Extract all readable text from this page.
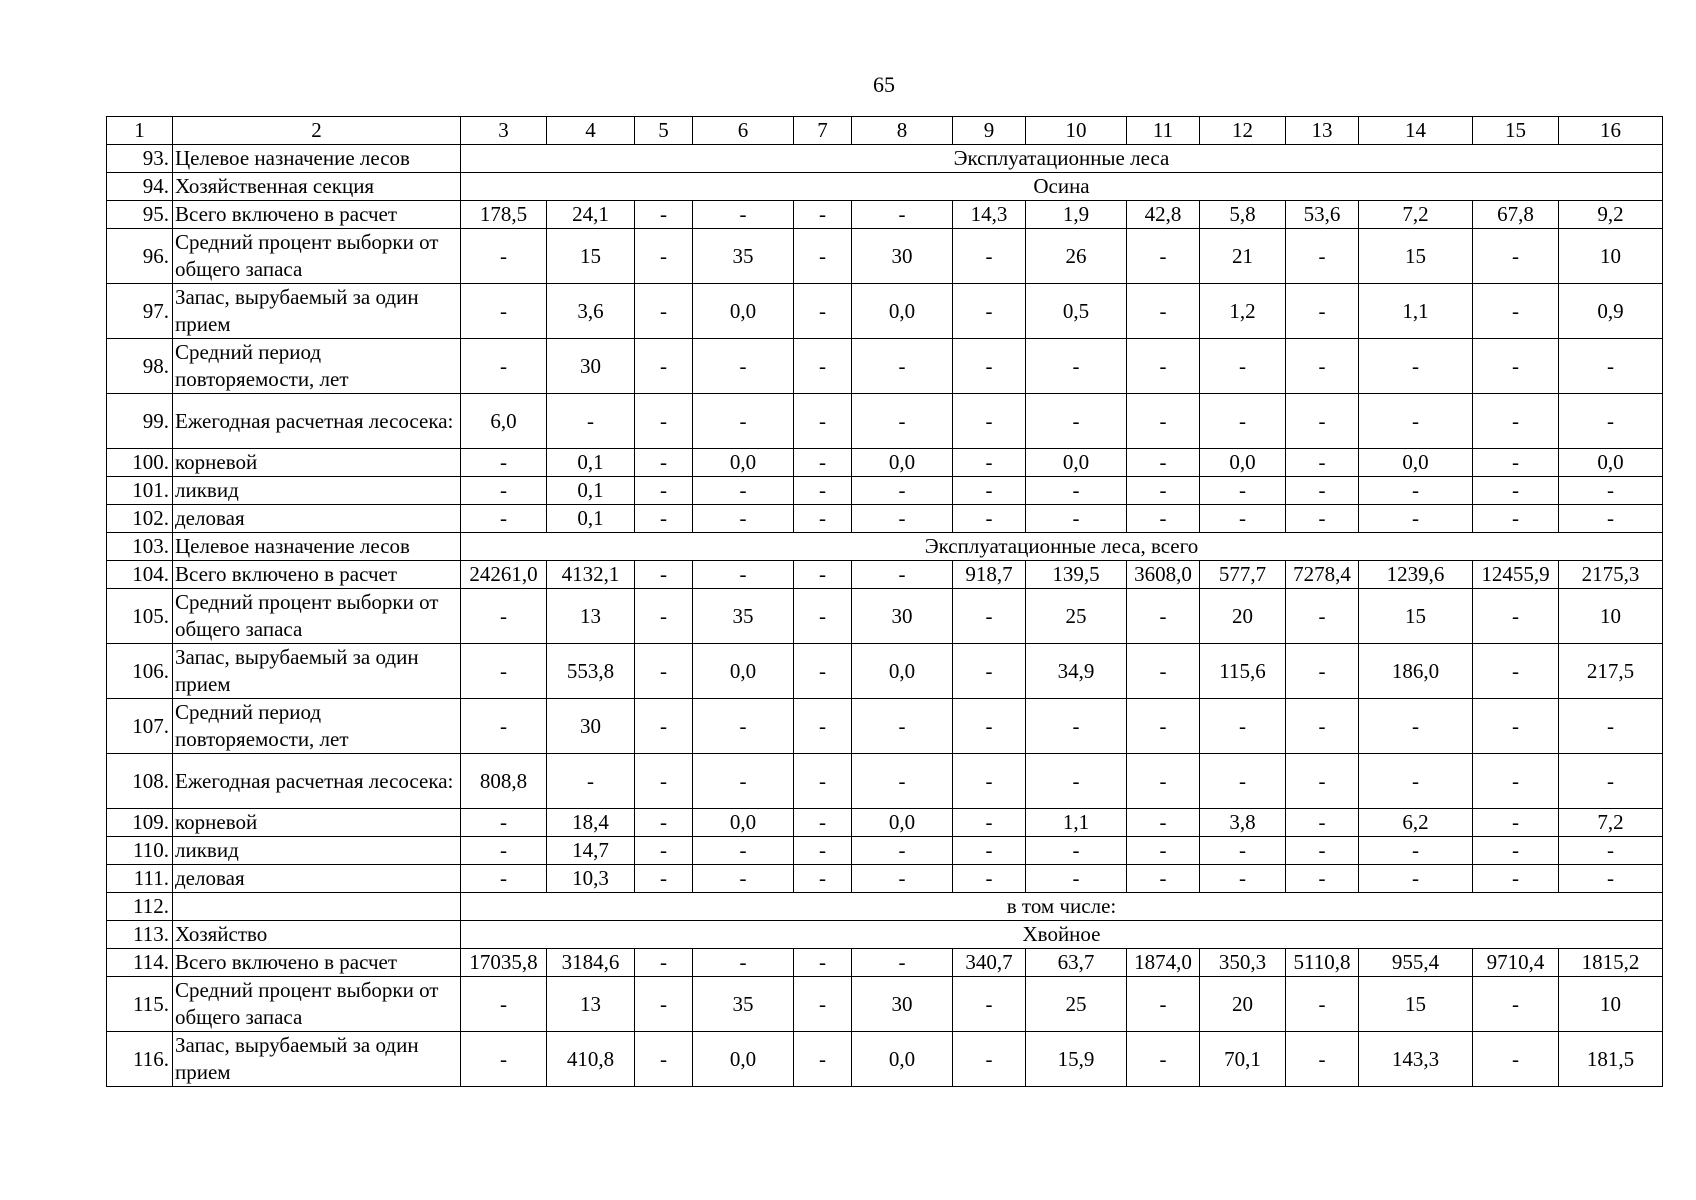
65
1	2	3	4	5	6	7	8	9	10	11	12	13	14	15	16
93.	Целевое назначение лесов	Эксплуатационные леса													
94.	Хозяйственная секция	Осина													
95.	Всего включено в расчет	178,5	24,1	-	-	-	-	14,3	1,9	42,8	5,8	53,6	7,2	67,8	9,2
96.	Средний процент выборки от общего запаса	-	15	-	35	-	30	-	26	-	21	-	15	-	10
97.	Запас, вырубаемый за один прием	-	3,6	-	0,0	-	0,0	-	0,5	-	1,2	-	1,1	-	0,9
98.	Средний период повторяемости, лет	-	30	-	-	-	-	-	-	-	-	-	-	-	-
99.	Ежегодная расчетная лесосека:	6,0	-	-	-	-	-	-	-	-	-	-	-	-	-
100.	корневой	-	0,1	-	0,0	-	0,0	-	0,0	-	0,0	-	0,0	-	0,0
101.	ликвид	-	0,1	-	-	-	-	-	-	-	-	-	-	-	-
102.	деловая	-	0,1	-	-	-	-	-	-	-	-	-	-	-	-
103.	Целевое назначение лесов	Эксплуатационные леса, всего													
104.	Всего включено в расчет	24261,0	4132,1	-	-	-	-	918,7	139,5	3608,0	577,7	7278,4	1239,6	12455,9	2175,3
105.	Средний процент выборки от общего запаса	-	13	-	35	-	30	-	25	-	20	-	15	-	10
106.	Запас, вырубаемый за один прием	-	553,8	-	0,0	-	0,0	-	34,9	-	115,6	-	186,0	-	217,5
107.	Средний период повторяемости, лет	-	30	-	-	-	-	-	-	-	-	-	-	-	-
108.	Ежегодная расчетная лесосека:	808,8	-	-	-	-	-	-	-	-	-	-	-	-	-
109.	корневой	-	18,4	-	0,0	-	0,0	-	1,1	-	3,8	-	6,2	-	7,2
110.	ликвид	-	14,7	-	-	-	-	-	-	-	-	-	-	-	-
111.	деловая	-	10,3	-	-	-	-	-	-	-	-	-	-	-	-
112.		в том числе:													
113.	Хозяйство	Хвойное													
114.	Всего включено в расчет	17035,8	3184,6	-	-	-	-	340,7	63,7	1874,0	350,3	5110,8	955,4	9710,4	1815,2
115.	Средний процент выборки от общего запаса	-	13	-	35	-	30	-	25	-	20	-	15	-	10
116.	Запас, вырубаемый за один прием	-	410,8	-	0,0	-	0,0	-	15,9	-	70,1	-	143,3	-	181,5
